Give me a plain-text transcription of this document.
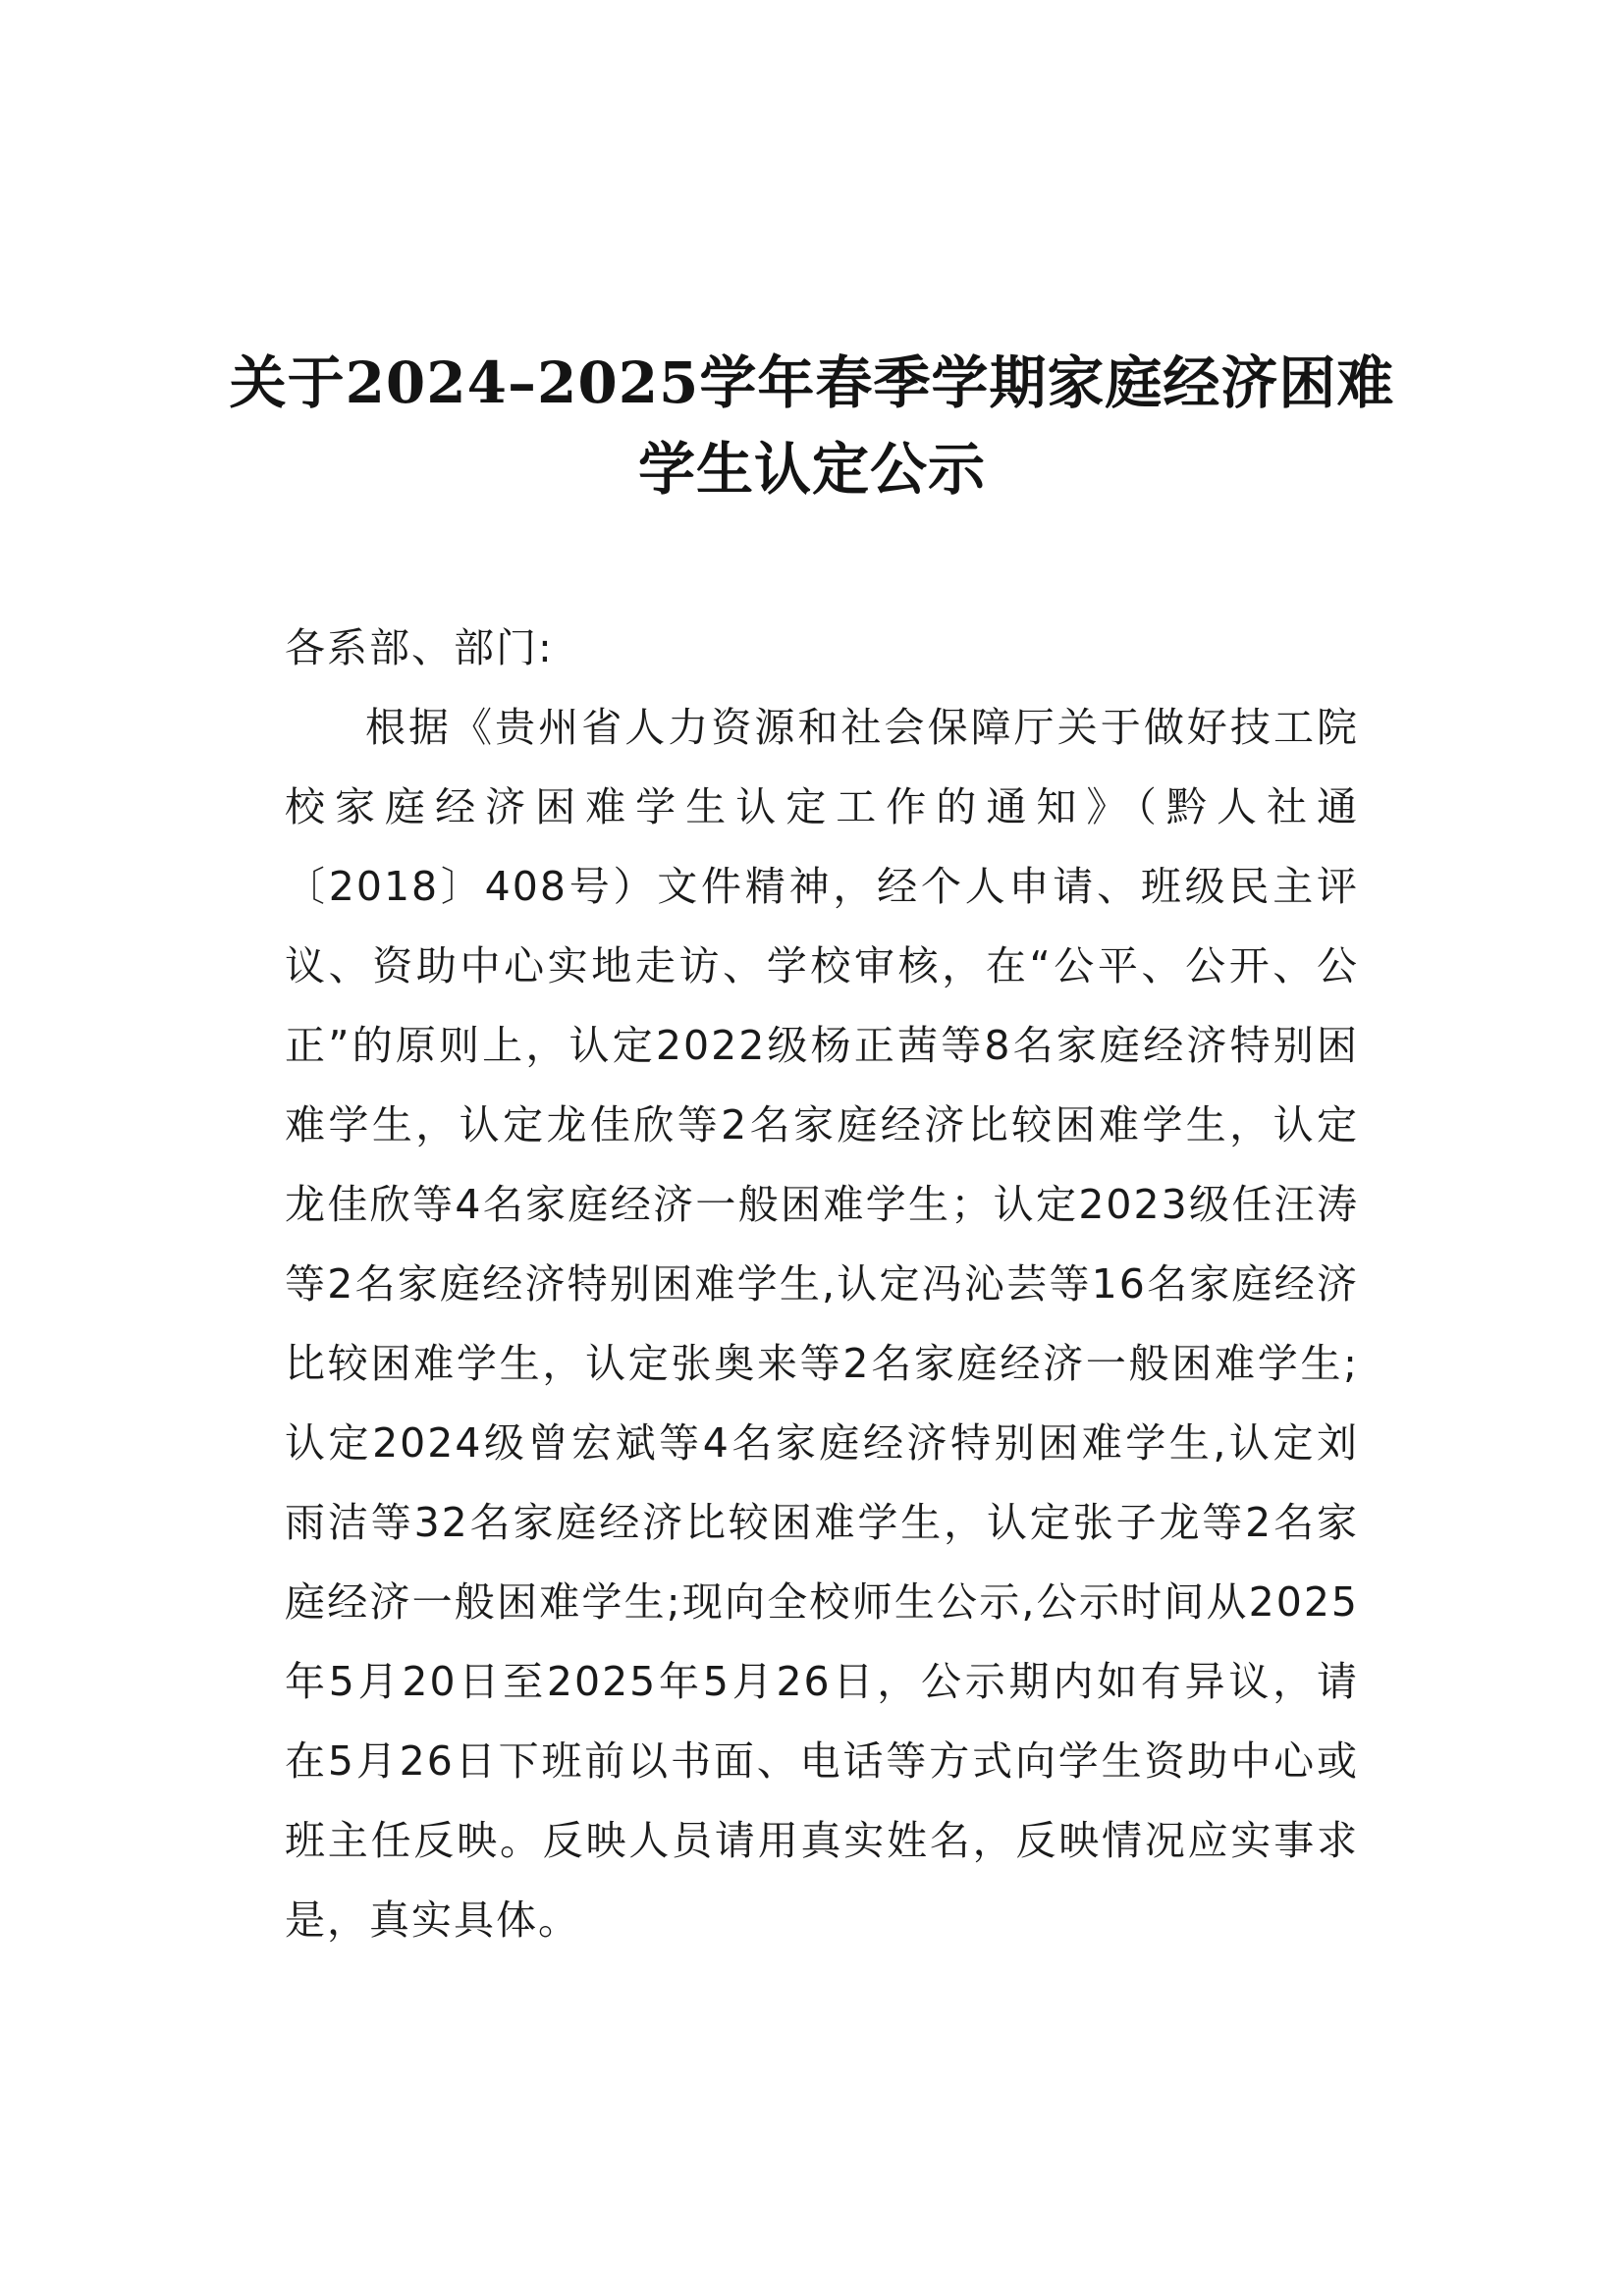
关于2024–2025学年春季学期家庭经济困难
学生认定公示

各系部、部门:

根据《贵州省人力资源和社会保障厅关于做好技工院校家庭经济困难学生认定工作的通知》（黔人社通〔2018〕408号）文件精神，经个人申请、班级民主评议、资助中心实地走访、学校审核，在“公平、公开、公正”的原则上，认定2022级杨正茜等8名家庭经济特别困难学生，认定龙佳欣等2名家庭经济比较困难学生，认定龙佳欣等4名家庭经济一般困难学生；认定2023级任汪涛等2名家庭经济特别困难学生,认定冯沁芸等16名家庭经济比较困难学生，认定张奥来等2名家庭经济一般困难学生;认定2024级曾宏斌等4名家庭经济特别困难学生,认定刘雨洁等32名家庭经济比较困难学生，认定张子龙等2名家庭经济一般困难学生;现向全校师生公示,公示时间从2025年5月20日至2025年5月26日，公示期内如有异议，请在5月26日下班前以书面、电话等方式向学生资助中心或班主任反映。反映人员请用真实姓名，反映情况应实事求是，真实具体。
